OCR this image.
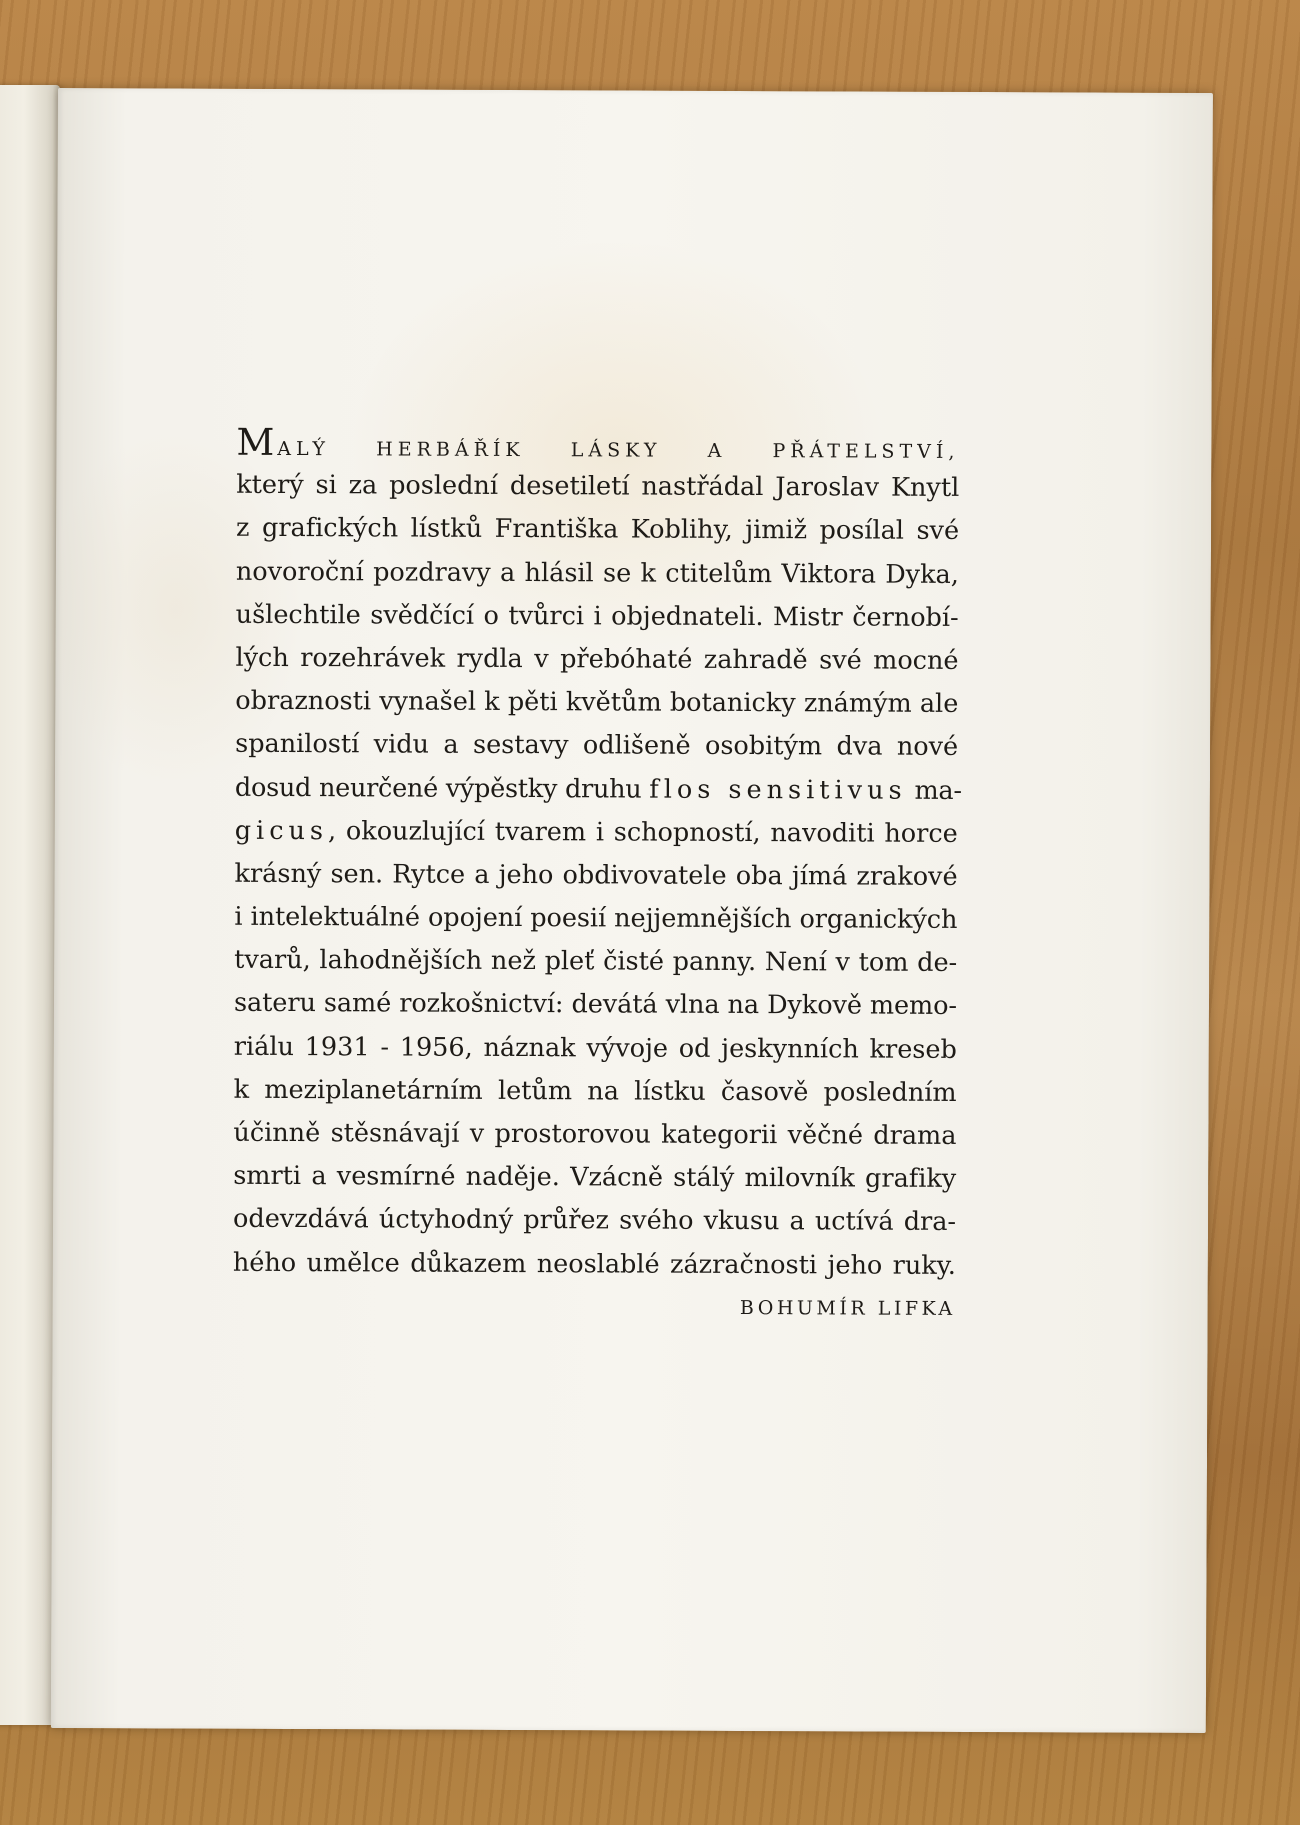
MALÝ HERBÁŘÍK LÁSKY A PŘÁTELSTVÍ,
který si za poslední desetiletí nastřádal Jaroslav Knytl
z grafických lístků Františka Koblihy, jimiž posílal své
novoroční pozdravy a hlásil se k ctitelům Viktora Dyka,
ušlechtile svědčící o tvůrci i objednateli. Mistr černobí-
lých rozehrávek rydla v přebóhaté zahradě své mocné
obraznosti vynašel k pěti květům botanicky známým ale
spanilostí vidu a sestavy odlišeně osobitým dva nové
dosud neurčené výpěstky druhu flos sensitivus ma-
gicus, okouzlující tvarem i schopností, navoditi horce
krásný sen. Rytce a jeho obdivovatele oba jímá zrakové
i intelektuálné opojení poesií nejjemnějších organických
tvarů, lahodnějších než pleť čisté panny. Není v tom de-
sateru samé rozkošnictví: devátá vlna na Dykově memo-
riálu 1931 - 1956, náznak vývoje od jeskynních kreseb
k meziplanetárním letům na lístku časově posledním
účinně stěsnávají v prostorovou kategorii věčné drama
smrti a vesmírné naděje. Vzácně stálý milovník grafiky
odevzdává úctyhodný průřez svého vkusu a uctívá dra-
hého umělce důkazem neoslablé zázračnosti jeho ruky.
BOHUMÍR LIFKA
